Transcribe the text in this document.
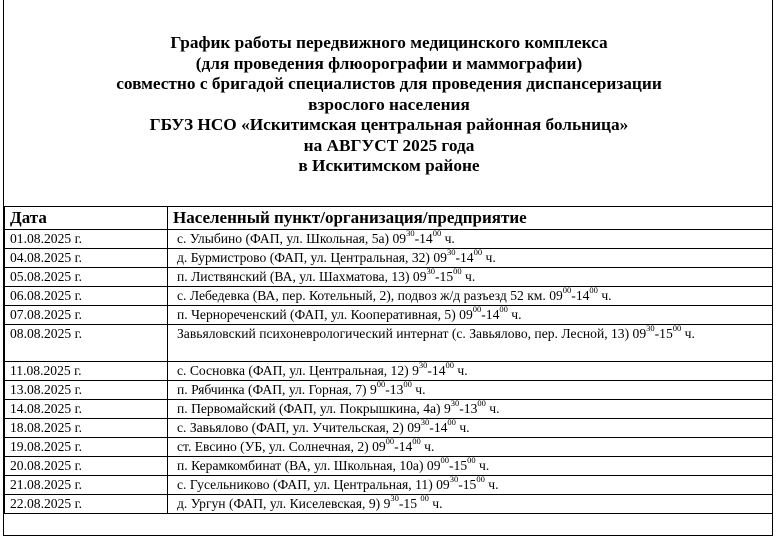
График работы передвижного медицинского комплекса
(для проведения флюорографии и маммографии)
совместно с бригадой специалистов для проведения диспансеризации
взрослого населения
ГБУЗ НСО «Искитимская центральная районная больница»
на АВГУСТ 2025 года
в Искитимском районе
Дата	Населенный пункт/организация/предприятие
01.08.2025 г.	с. Улыбино (ФАП, ул. Школьная, 5а) $09^{30}-14^{00}$ ч.
04.08.2025 г.	д. Бурмистрово (ФАП, ул. Центральная, 32) $09^{30}-14^{00}$ ч.
05.08.2025 г.	п. Листвянский (ВА, ул. Шахматова, 13) $09^{30}-15^{00}$ ч.
06.08.2025 г.	с. Лебедевка (ВА, пер. Котельный, 2), подвоз ж/д разъезд 52 км. $09^{00}-14^{00}$ ч.
07.08.2025 г.	п. Чернореченский (ФАП, ул. Кооперативная, 5) $09^{00}-14^{00}$ ч.
08.08.2025 г.	Завьяловский психоневрологический интернат (с. Завьялово, пер. Лесной, 13) $09^{30}-15^{00}$ ч.
11.08.2025 г.	с. Сосновка (ФАП, ул. Центральная, 12) $9^{30}-14^{00}$ ч.
13.08.2025 г.	п. Рябчинка (ФАП, ул. Горная, 7) $9^{00}-13^{00}$ ч.
14.08.2025 г.	п. Первомайский (ФАП, ул. Покрышкина, 4а) $9^{30}-13^{00}$ ч.
18.08.2025 г.	с. Завьялово (ФАП, ул. Учительская, 2) $09^{30}-14^{00}$ ч.
19.08.2025 г.	ст. Евсино (УБ, ул. Солнечная, 2) $09^{00}-14^{00}$ ч.
20.08.2025 г.	п. Керамкомбинат (ВА, ул. Школьная, 10а) $09^{00}-15^{00}$ ч.
21.08.2025 г.	с. Гусельниково (ФАП, ул. Центральная, 11) $09^{30}-15^{00}$ ч.
22.08.2025 г.	д. Ургун (ФАП, ул. Киселевская, 9) $9^{30}-15$ $^{00}$ ч.
